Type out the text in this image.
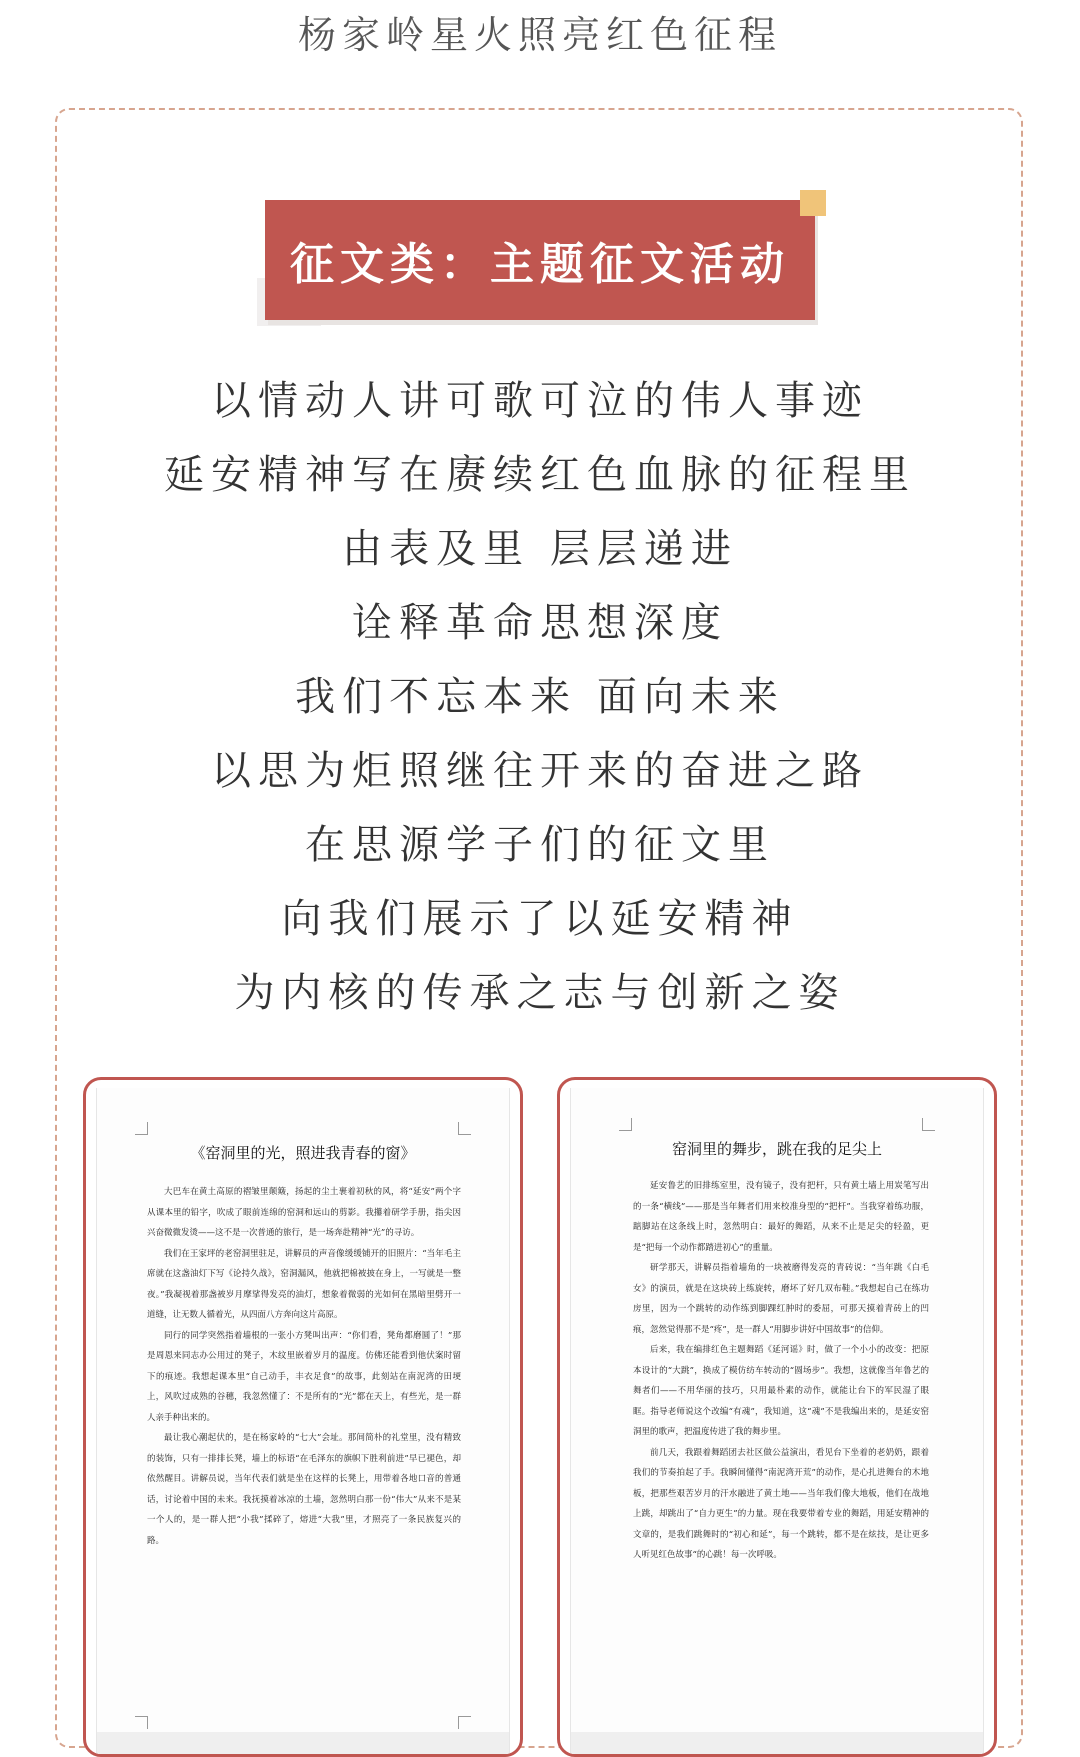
杨家岭星火照亮红色征程
征文类：主题征文活动
以情动人讲可歌可泣的伟人事迹
延安精神写在赓续红色血脉的征程里
由表及里 层层递进
诠释革命思想深度
我们不忘本来 面向未来
以思为炬照继往开来的奋进之路
在思源学子们的征文里
向我们展示了以延安精神
为内核的传承之志与创新之姿
《窑洞里的光，照进我青春的窗》

大巴车在黄土高原的褶皱里颠簸，扬起的尘土裹着初秋的风，将“延安”两个字从课本里的铅字，吹成了眼前连绵的窑洞和远山的剪影。我攥着研学手册，指尖因兴奋微微发烫——这不是一次普通的旅行，是一场奔赴精神“光”的寻访。

我们在王家坪的老窑洞里驻足，讲解员的声音像缓缓铺开的旧照片：“当年毛主席就在这盏油灯下写《论持久战》，窑洞漏风，他就把棉被披在身上，一写就是一整夜。”我凝视着那盏被岁月摩挲得发亮的油灯，想象着微弱的光如何在黑暗里劈开一道缝，让无数人循着光，从四面八方奔向这片高原。

同行的同学突然指着墙根的一张小方凳叫出声：“你们看，凳角都磨圆了！”那是周恩来同志办公用过的凳子，木纹里嵌着岁月的温度。仿佛还能看到他伏案时留下的痕迹。我想起课本里“自己动手，丰衣足食”的故事，此刻站在南泥湾的田埂上，风吹过成熟的谷穗，我忽然懂了：不是所有的“光”都在天上，有些光，是一群人亲手种出来的。

最让我心潮起伏的，是在杨家岭的“七大”会址。那间简朴的礼堂里，没有精致的装饰，只有一排排长凳，墙上的标语“在毛泽东的旗帜下胜利前进”早已褪色，却依然醒目。讲解员说，当年代表们就是坐在这样的长凳上，用带着各地口音的普通话，讨论着中国的未来。我抚摸着冰凉的土墙，忽然明白那一份“伟大”从来不是某一个人的，是一群人把“小我”揉碎了，熔进“大我”里，才照亮了一条民族复兴的路。

窑洞里的舞步，跳在我的足尖上

延安鲁艺的旧排练室里，没有镜子，没有把杆，只有黄土墙上用炭笔写出的一条“横线”——那是当年舞者们用来校准身型的“把杆”。当我穿着练功服，踮脚站在这条线上时，忽然明白：最好的舞蹈，从来不止是足尖的轻盈，更是“把每一个动作都踏进初心”的重量。

研学那天，讲解员指着墙角的一块被磨得发亮的青砖说：“当年跳《白毛女》的演员，就是在这块砖上练旋转，磨坏了好几双布鞋。”我想起自己在练功房里，因为一个跳转的动作练到脚踝红肿时的委屈，可那天摸着青砖上的凹痕，忽然觉得那不是“疼”，是一群人“用脚步讲好中国故事”的信仰。

后来，我在编排红色主题舞蹈《延河谣》时，做了一个小小的改变：把原本设计的“大跳”，换成了模仿纺车转动的“圆场步”。我想，这就像当年鲁艺的舞者们——不用华丽的技巧，只用最朴素的动作，就能让台下的军民湿了眼眶。指导老师说这个改编“有魂”，我知道，这“魂”不是我编出来的，是延安窑洞里的歌声，把温度传进了我的舞步里。

前几天，我跟着舞蹈团去社区做公益演出，看见台下坐着的老奶奶，跟着我们的节奏拍起了手。我瞬间懂得“南泥湾开荒”的动作，是心扎进舞台的木地板，把那些艰苦岁月的汗水融进了黄土地——当年我们像大地板，他们在战地上跳，却跳出了“自力更生”的力量。现在我要带着专业的舞蹈，用延安精神的文章的，是我们跳舞时的“初心和延”，每一个跳转，都不是在炫技，是让更多人听见红色故事“的心跳！每一次呼吸。
